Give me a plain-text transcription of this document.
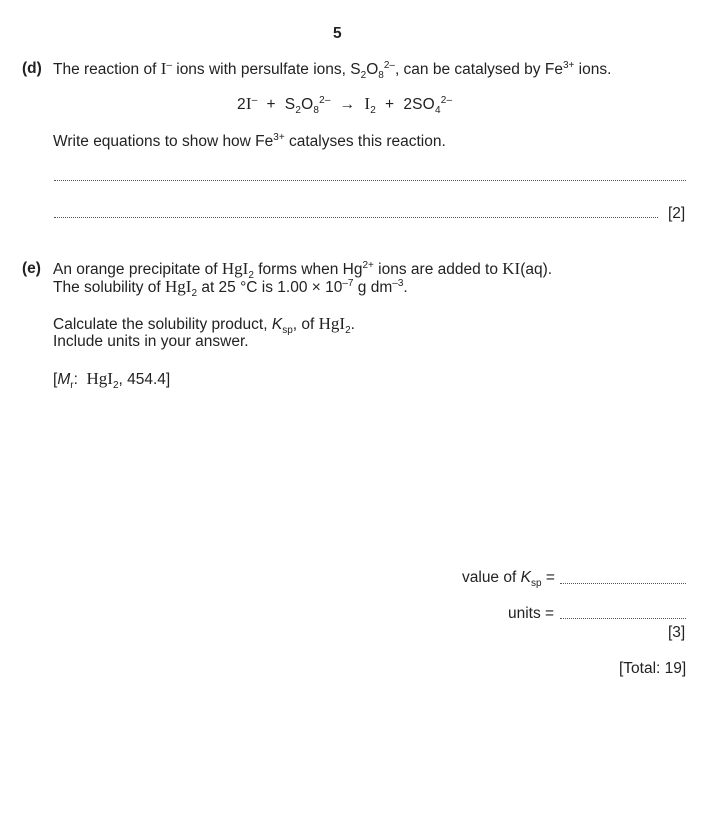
5
(d) The reaction of I– ions with persulfate ions, $S_2O_8^{2-}$, can be catalysed by $Fe^{3+}$ ions.
$2I^- + S_2O_8^{2-} \to I_2 + 2SO_4^{2-}$
Write equations to show how $Fe^{3+}$ catalyses this reaction.
[2]
(e) An orange precipitate of HgI$_2$ forms when $Hg^{2+}$ ions are added to KI(aq).
The solubility of HgI$_2$ at 25 °C is $1.00 \times 10^{-7}$ g $dm^{-3}$.
Calculate the solubility product, $K_{sp}$, of HgI$_2$.
Include units in your answer.
[$M_r$:  HgI$_2$, 454.4]
value of $K_{sp}$ =
units =
[3]
[Total: 19]
